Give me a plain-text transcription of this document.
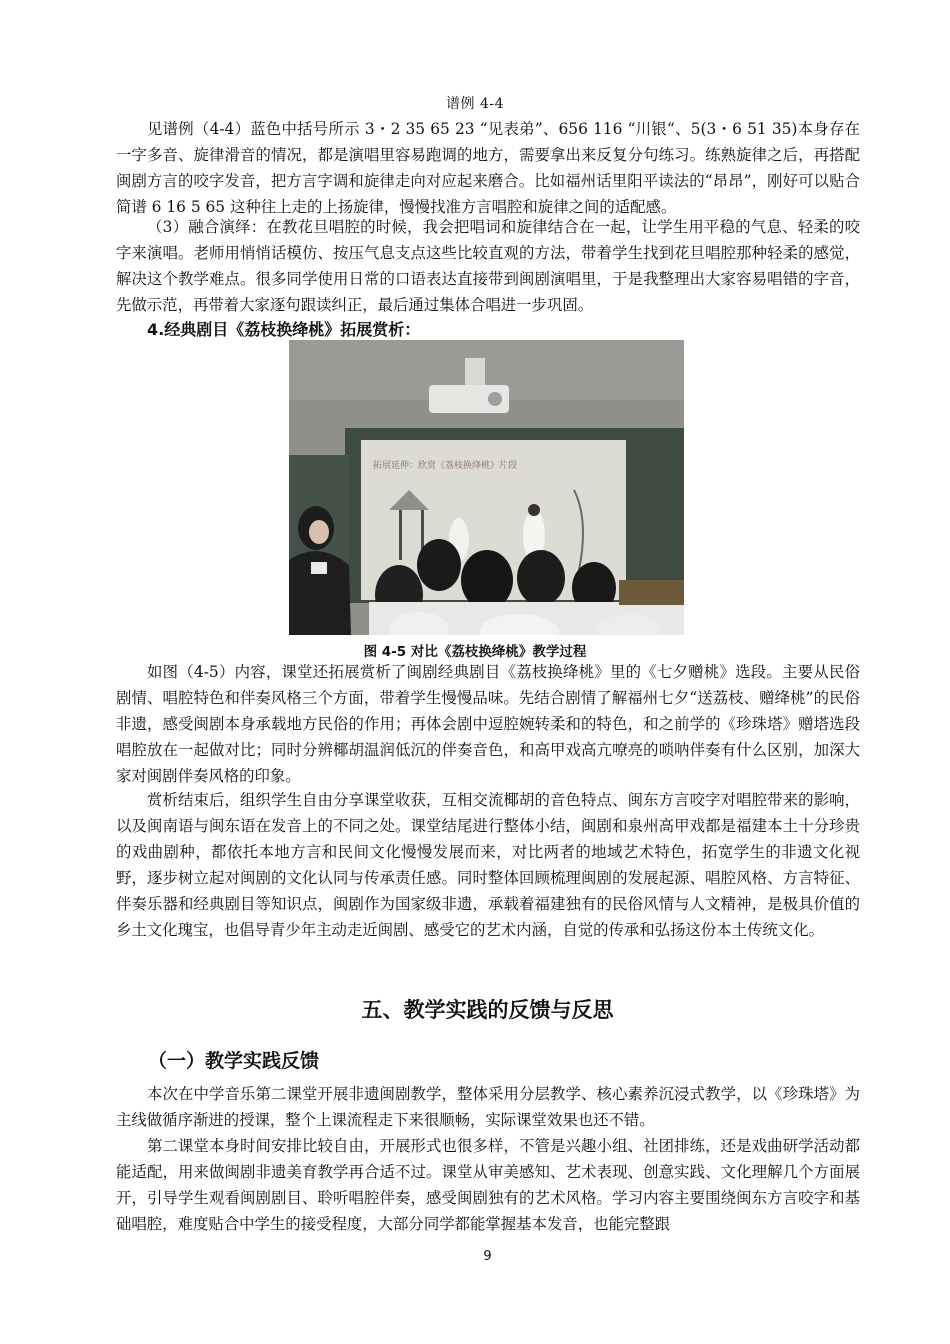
谱例 4-4

见谱例（4-4）蓝色中括号所示 3・2 35 65 23 “见表弟”、656 116 “川银“、5(3・6 51 35)本身存在一字多音、旋律滑音的情况，都是演唱里容易跑调的地方，需要拿出来反复分句练习。练熟旋律之后，再搭配闽剧方言的咬字发音，把方言字调和旋律走向对应起来磨合。比如福州话里阳平读法的“昂昂”，刚好可以贴合简谱 6 16 5 65 这种往上走的上扬旋律，慢慢找准方言唱腔和旋律之间的适配感。

（3）融合演绎：在教花旦唱腔的时候，我会把唱词和旋律结合在一起，让学生用平稳的气息、轻柔的咬字来演唱。老师用悄悄话模仿、按压气息支点这些比较直观的方法，带着学生找到花旦唱腔那种轻柔的感觉，解决这个教学难点。很多同学使用日常的口语表达直接带到闽剧演唱里，于是我整理出大家容易唱错的字音，先做示范，再带着大家逐句跟读纠正，最后通过集体合唱进一步巩固。

4.经典剧目《荔枝换绛桃》拓展赏析：
拓展延伸：欣赏《荔枝换绛桃》片段
图 4-5 对比《荔枝换绛桃》教学过程

如图（4-5）内容，课堂还拓展赏析了闽剧经典剧目《荔枝换绛桃》里的《七夕赠桃》选段。主要从民俗剧情、唱腔特色和伴奏风格三个方面，带着学生慢慢品味。先结合剧情了解福州七夕“送荔枝、赠绛桃”的民俗非遗，感受闽剧本身承载地方民俗的作用；再体会剧中逗腔婉转柔和的特色，和之前学的《珍珠塔》赠塔选段唱腔放在一起做对比；同时分辨椰胡温润低沉的伴奏音色，和高甲戏高亢嘹亮的唢呐伴奏有什么区别，加深大家对闽剧伴奏风格的印象。

赏析结束后，组织学生自由分享课堂收获，互相交流椰胡的音色特点、闽东方言咬字对唱腔带来的影响，以及闽南语与闽东语在发音上的不同之处。课堂结尾进行整体小结，闽剧和泉州高甲戏都是福建本土十分珍贵的戏曲剧种，都依托本地方言和民间文化慢慢发展而来，对比两者的地域艺术特色，拓宽学生的非遗文化视野，逐步树立起对闽剧的文化认同与传承责任感。同时整体回顾梳理闽剧的发展起源、唱腔风格、方言特征、伴奏乐器和经典剧目等知识点，闽剧作为国家级非遗，承载着福建独有的民俗风情与人文精神，是极具价值的乡土文化瑰宝，也倡导青少年主动走近闽剧、感受它的艺术内涵，自觉的传承和弘扬这份本土传统文化。

五、教学实践的反馈与反思
（一）教学实践反馈

本次在中学音乐第二课堂开展非遗闽剧教学，整体采用分层教学、核心素养沉浸式教学，以《珍珠塔》为主线做循序渐进的授课，整个上课流程走下来很顺畅，实际课堂效果也还不错。

第二课堂本身时间安排比较自由，开展形式也很多样，不管是兴趣小组、社团排练，还是戏曲研学活动都能适配，用来做闽剧非遗美育教学再合适不过。课堂从审美感知、艺术表现、创意实践、文化理解几个方面展开，引导学生观看闽剧剧目、聆听唱腔伴奏，感受闽剧独有的艺术风格。学习内容主要围绕闽东方言咬字和基础唱腔，难度贴合中学生的接受程度，大部分同学都能掌握基本发音，也能完整跟

9
